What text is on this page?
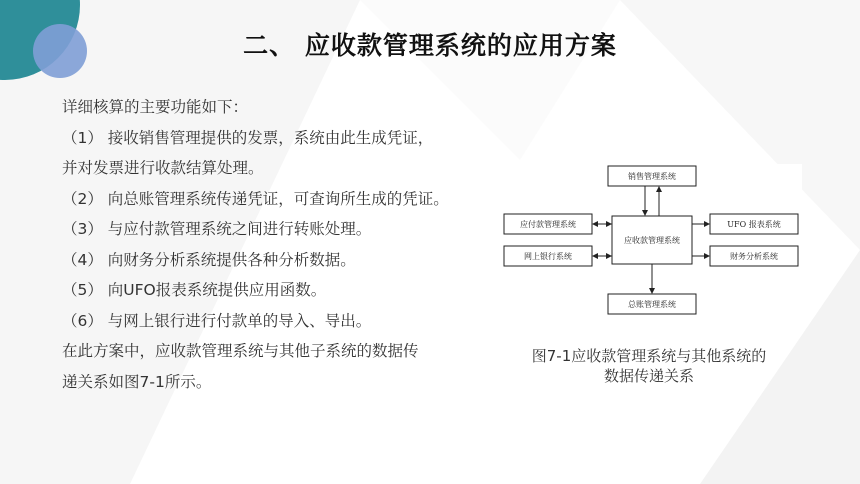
二、 应收款管理系统的应用方案
详细核算的主要功能如下：
（1） 接收销售管理提供的发票，系统由此生成凭证，
并对发票进行收款结算处理。
（2） 向总账管理系统传递凭证，可查询所生成的凭证。
（3） 与应付款管理系统之间进行转账处理。
（4） 向财务分析系统提供各种分析数据。
（5） 向UFO报表系统提供应用函数。
（6） 与网上银行进行付款单的导入、导出。
在此方案中，应收款管理系统与其他子系统的数据传
递关系如图7-1所示。
销售管理系统
应收款管理系统
应付款管理系统
网上银行系统
UFO 报表系统
财务分析系统
总账管理系统
图7-1应收款管理系统与其他系统的
数据传递关系
